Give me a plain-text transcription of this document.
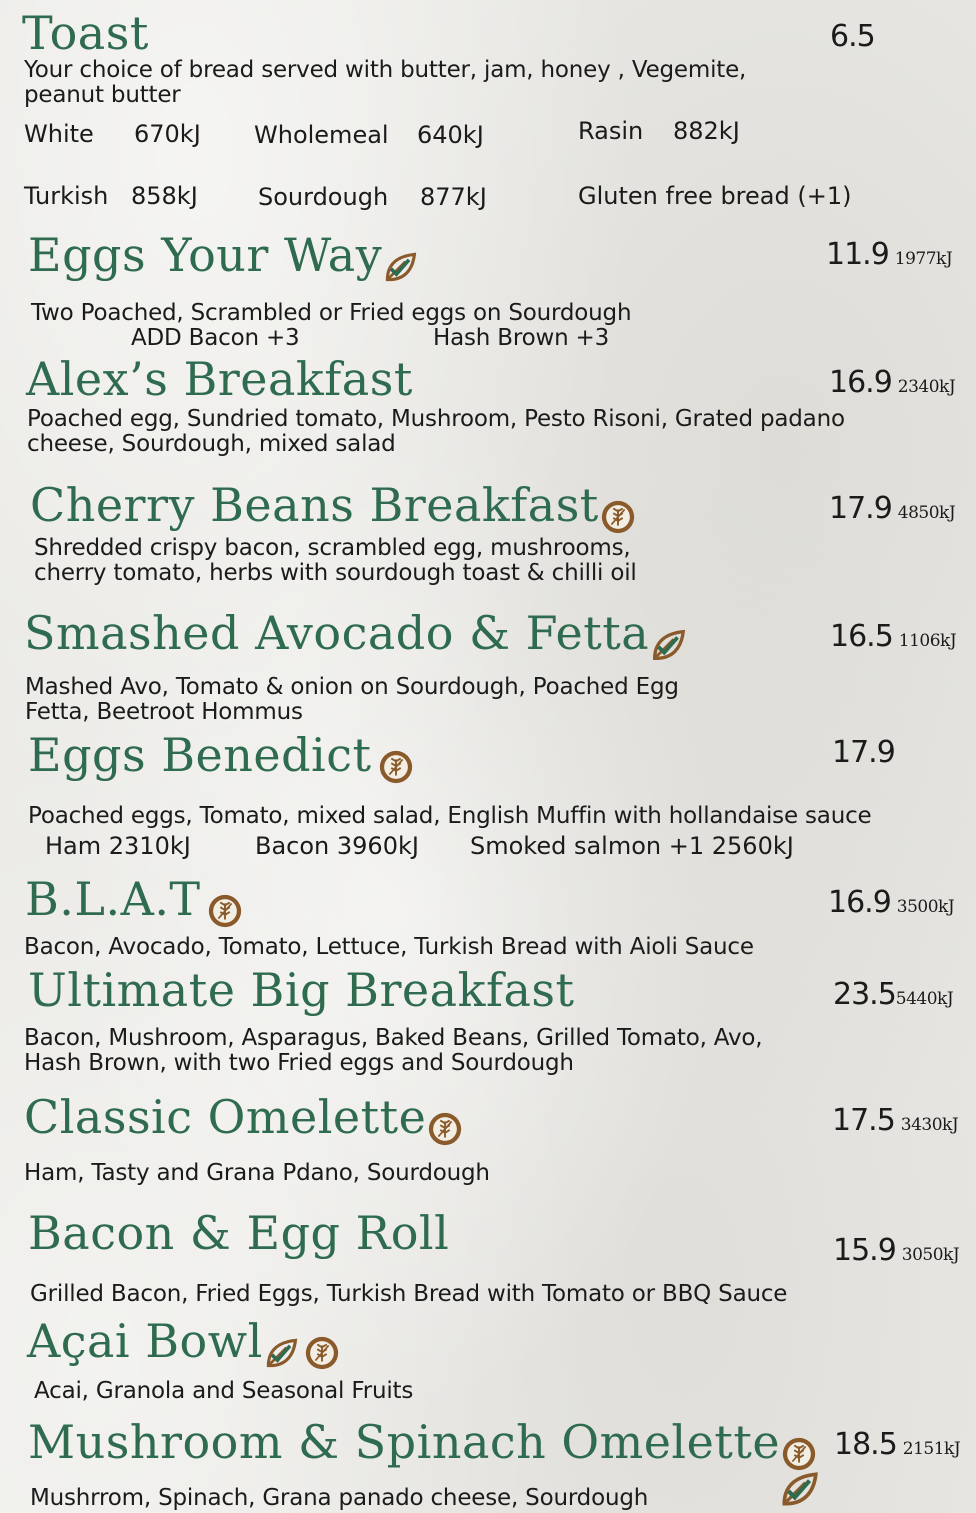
Toast	6.5
Your choice of bread served with butter, jam, honey , Vegemite,
peanut butter
White 670kJ Wholemeal 640kJ	Rasin 882kJ
Turkish 858kJ	Sourdough 877kJ	Gluten free bread (+1)
Eggs Your Way	11.9 1977kJ
Two Poached, Scrambled or Fried eggs on Sourdough
ADD Bacon +3	Hash Brown +3
Alex’s Breakfast	16.9 2340kJ
Poached egg, Sundried tomato, Mushroom, Pesto Risoni, Grated padano
cheese, Sourdough, mixed salad
Cherry Beans Breakfast	17.9 4850kJ
Shredded crispy bacon, scrambled egg, mushrooms,
cherry tomato, herbs with sourdough toast & chilli oil
Smashed Avocado & Fetta	16.5 1106kJ
Mashed Avo, Tomato & onion on Sourdough, Poached Egg
Fetta, Beetroot Hommus
Eggs Benedict	17.9
Poached eggs, Tomato, mixed salad, English Muffin with hollandaise sauce
Ham 2310kJ	Bacon 3960kJ Smoked salmon +1 2560kJ
B.L.A.T	16.9 3500kJ
Bacon, Avocado, Tomato, Lettuce, Turkish Bread with Aioli Sauce
Ultimate Big Breakfast	23.55440kJ
Bacon, Mushroom, Asparagus, Baked Beans, Grilled Tomato, Avo,
Hash Brown, with two Fried eggs and Sourdough
Classic Omelette	17.5 3430kJ
Ham, Tasty and Grana Pdano, Sourdough
Bacon & Egg Roll	15.9 3050kJ
Grilled Bacon, Fried Eggs, Turkish Bread with Tomato or BBQ Sauce
Açai Bowl
Acai, Granola and Seasonal Fruits
Mushroom & Spinach Omelette	18.5 2151kJ
Mushrrom, Spinach, Grana panado cheese, Sourdough
